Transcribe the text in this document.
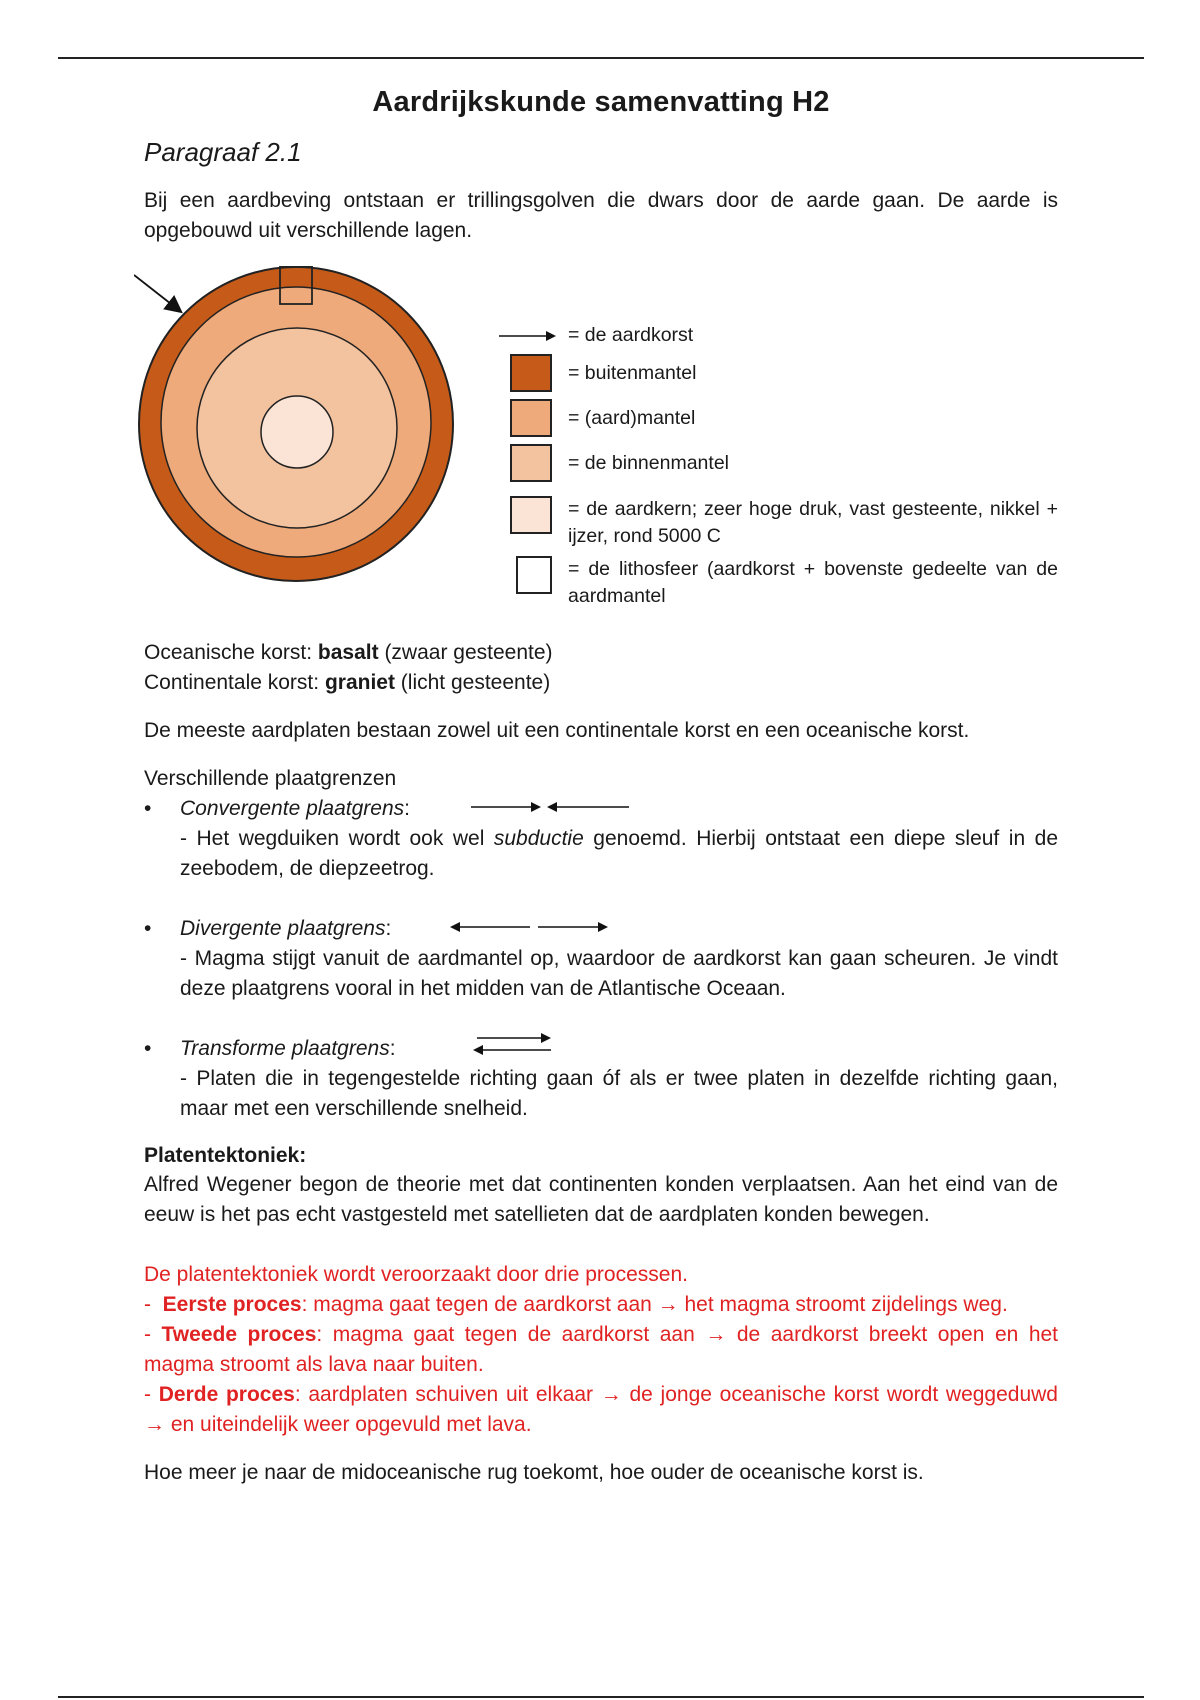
Aardrijkskunde samenvatting H2
Paragraaf 2.1

Bij een aardbeving ontstaan er trillingsgolven die dwars door de aarde gaan. De aarde is opgebouwd uit verschillende lagen.

= de aardkorst
= buitenmantel
= (aard)mantel
= de binnenmantel
= de aardkern; zeer hoge druk, vast gesteente, nikkel + ijzer, rond 5000 C
= de lithosfeer (aardkorst + bovenste gedeelte van de aardmantel

Oceanische korst: basalt (zwaar gesteente)

Continentale korst: graniet (licht gesteente)

De meeste aardplaten bestaan zowel uit een continentale korst en een oceanische korst.

Verschillende plaatgrenzen

• Convergente plaatgrens:
- Het wegduiken wordt ook wel subductie genoemd. Hierbij ontstaat een diepe sleuf in de zeebodem, de diepzeetrog.
• Divergente plaatgrens:
- Magma stijgt vanuit de aardmantel op, waardoor de aardkorst kan gaan scheuren. Je vindt deze plaatgrens vooral in het midden van de Atlantische Oceaan.
• Transforme plaatgrens:
- Platen die in tegengestelde richting gaan óf als er twee platen in dezelfde richting gaan, maar met een verschillende snelheid.

Platentektoniek:

Alfred Wegener begon de theorie met dat continenten konden verplaatsen. Aan het eind van de eeuw is het pas echt vastgesteld met satellieten dat de aardplaten konden bewegen.

De platentektoniek wordt veroorzaakt door drie processen.

-  Eerste proces: magma gaat tegen de aardkorst aan → het magma stroomt zijdelings weg.

- Tweede proces: magma gaat tegen de aardkorst aan → de aardkorst breekt open en het magma stroomt als lava naar buiten.

- Derde proces: aardplaten schuiven uit elkaar → de jonge oceanische korst wordt weggeduwd → en uiteindelijk weer opgevuld met lava.

Hoe meer je naar de midoceanische rug toekomt, hoe ouder de oceanische korst is.
